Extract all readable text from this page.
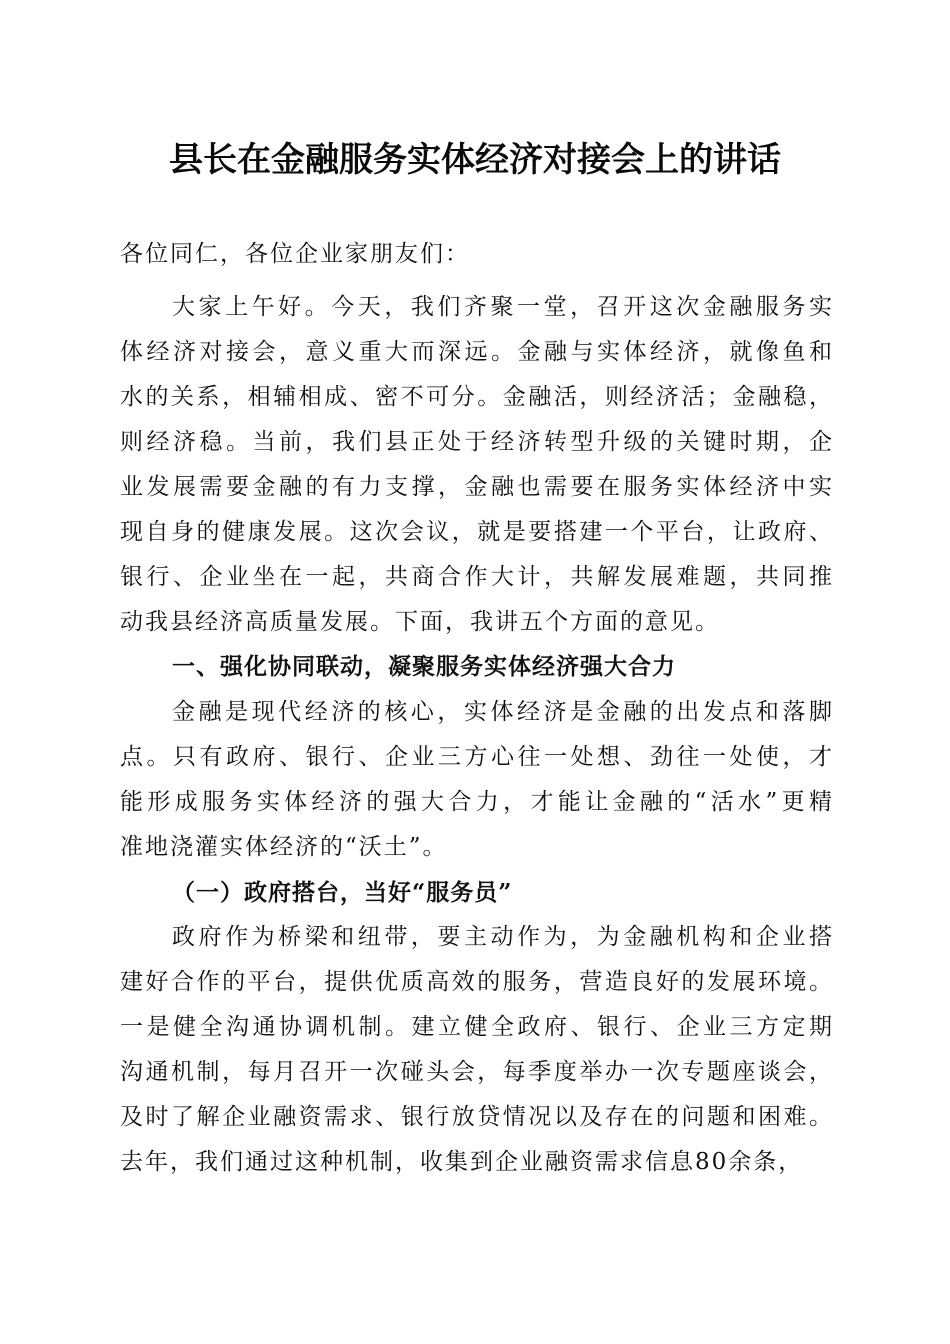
县长在金融服务实体经济对接会上的讲话
各位同仁，各位企业家朋友们：
大家上午好。今天，我们齐聚一堂，召开这次金融服务实
体经济对接会，意义重大而深远。金融与实体经济，就像鱼和
水的关系，相辅相成、密不可分。金融活，则经济活；金融稳，
则经济稳。当前，我们县正处于经济转型升级的关键时期，企
业发展需要金融的有力支撑，金融也需要在服务实体经济中实
现自身的健康发展。这次会议，就是要搭建一个平台，让政府、
银行、企业坐在一起，共商合作大计，共解发展难题，共同推
动我县经济高质量发展。下面，我讲五个方面的意见。
一、强化协同联动，凝聚服务实体经济强大合力
金融是现代经济的核心，实体经济是金融的出发点和落脚
点。只有政府、银行、企业三方心往一处想、劲往一处使，才
能形成服务实体经济的强大合力，才能让金融的“活水”更精
准地浇灌实体经济的“沃土”。
（一）政府搭台，当好“服务员”
政府作为桥梁和纽带，要主动作为，为金融机构和企业搭
建好合作的平台，提供优质高效的服务，营造良好的发展环境。
一是健全沟通协调机制。建立健全政府、银行、企业三方定期
沟通机制，每月召开一次碰头会，每季度举办一次专题座谈会，
及时了解企业融资需求、银行放贷情况以及存在的问题和困难。
去年，我们通过这种机制，收集到企业融资需求信息80余条，
